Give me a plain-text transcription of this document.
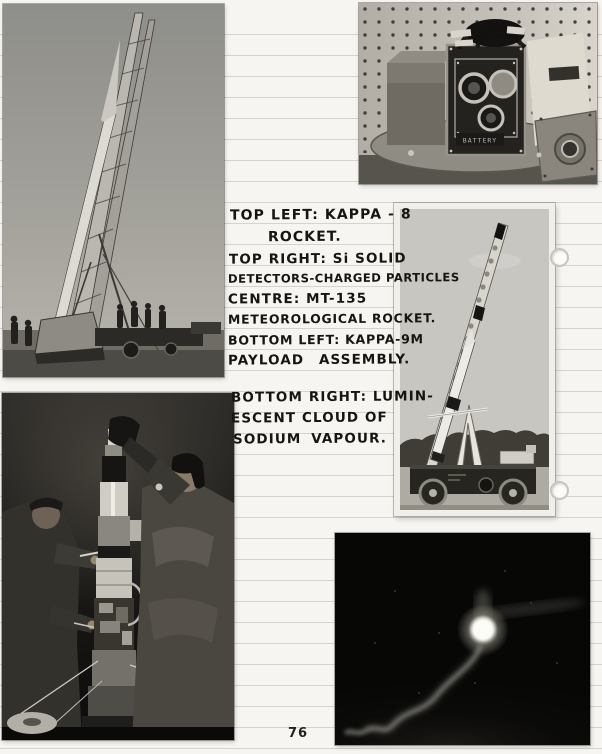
BATTERY
TOP LEFT: KAPPA - 8
ROCKET.
TOP RIGHT: Si SOLID
DETECTORS-CHARGED PARTICLES
CENTRE: MT-135
METEOROLOGICAL ROCKET.
BOTTOM LEFT: KAPPA-9M
PAYLOAD ASSEMBLY.
BOTTOM RIGHT: LUMIN-
ESCENT CLOUD OF
SODIUM VAPOUR.
76
